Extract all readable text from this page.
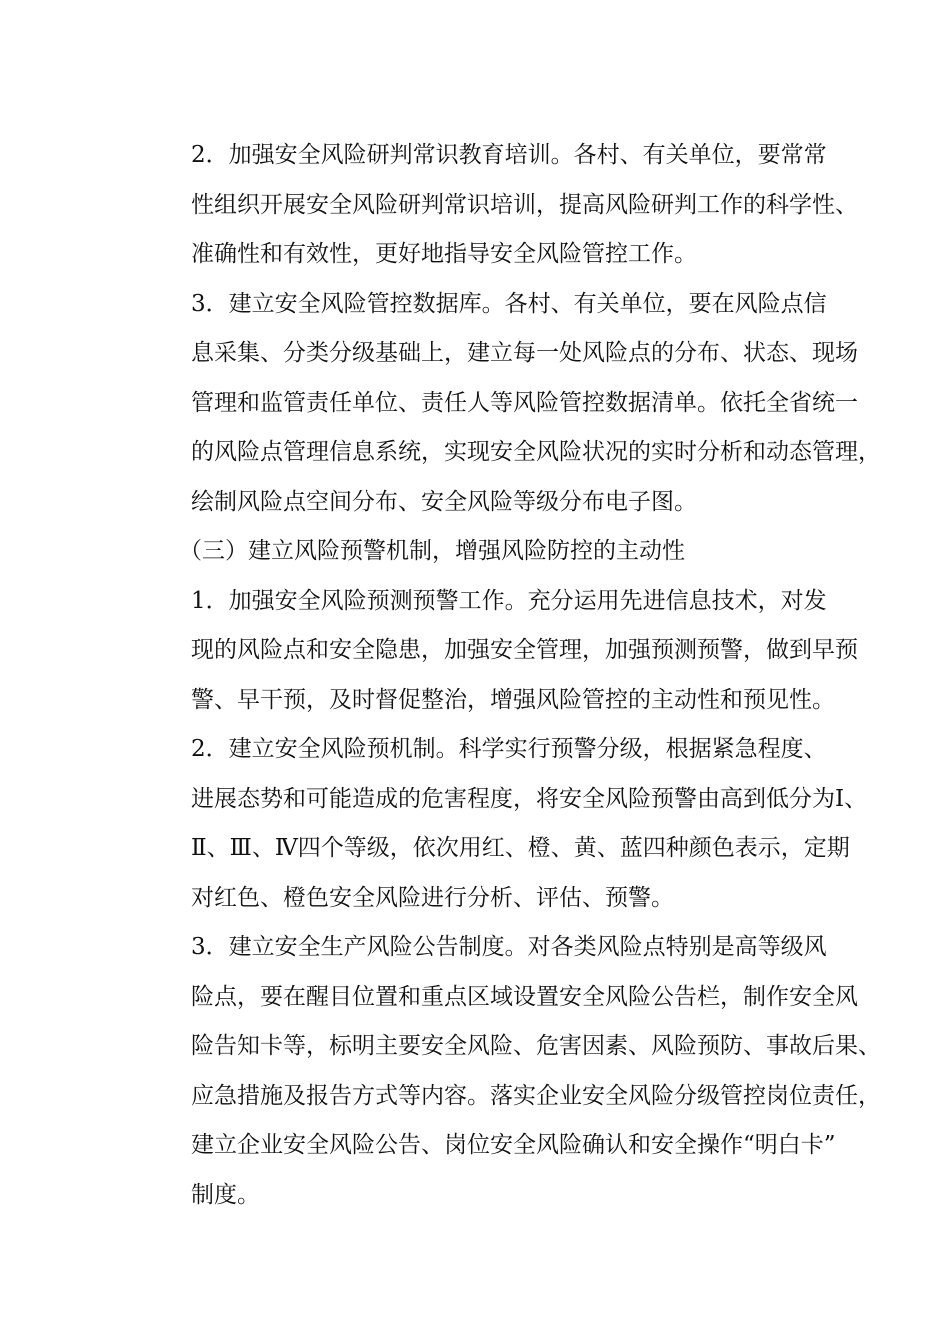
2．加强安全风险研判常识教育培训。各村、有关单位，要常常
性组织开展安全风险研判常识培训，提高风险研判工作的科学性、
准确性和有效性，更好地指导安全风险管控工作。

3．建立安全风险管控数据库。各村、有关单位，要在风险点信
息采集、分类分级基础上，建立每一处风险点的分布、状态、现场
管理和监管责任单位、责任人等风险管控数据清单。依托全省统一
的风险点管理信息系统，实现安全风险状况的实时分析和动态管理，
绘制风险点空间分布、安全风险等级分布电子图。

（三）建立风险预警机制，增强风险防控的主动性

1．加强安全风险预测预警工作。充分运用先进信息技术，对发
现的风险点和安全隐患，加强安全管理，加强预测预警，做到早预
警、早干预，及时督促整治，增强风险管控的主动性和预见性。

2．建立安全风险预机制。科学实行预警分级，根据紧急程度、
进展态势和可能造成的危害程度，将安全风险预警由高到低分为Ⅰ、
Ⅱ、Ⅲ、Ⅳ四个等级，依次用红、橙、黄、蓝四种颜色表示，定期
对红色、橙色安全风险进行分析、评估、预警。

3．建立安全生产风险公告制度。对各类风险点特别是高等级风
险点，要在醒目位置和重点区域设置安全风险公告栏，制作安全风
险告知卡等，标明主要安全风险、危害因素、风险预防、事故后果、
应急措施及报告方式等内容。落实企业安全风险分级管控岗位责任，
建立企业安全风险公告、岗位安全风险确认和安全操作“明白卡”
制度。
